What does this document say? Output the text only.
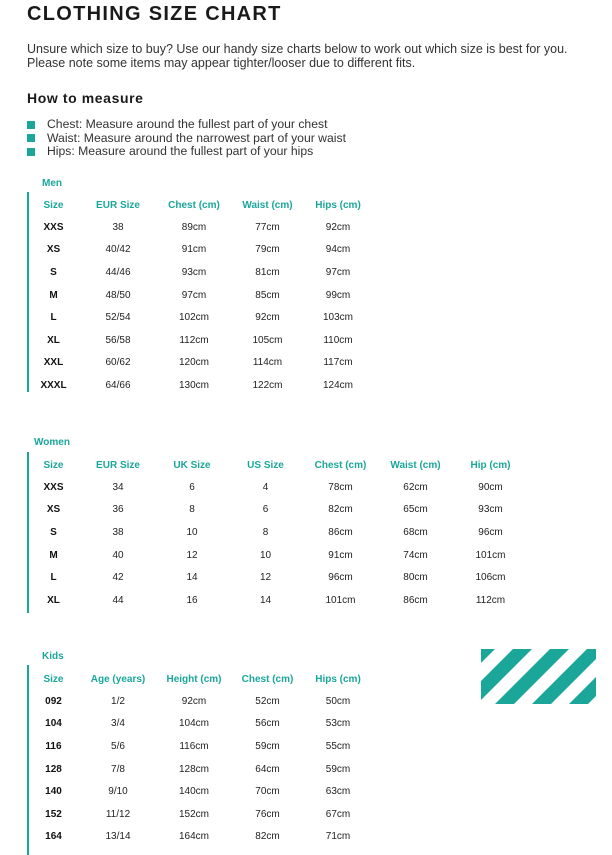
CLOTHING SIZE CHART

Unsure which size to buy? Use our handy size charts below to work out which size is best for you. Please note some items may appear tighter/looser due to different fits.

How to measure
Chest: Measure around the fullest part of your chest
Waist: Measure around the narrowest part of your waist
Hips: Measure around the fullest part of your hips
Men
Size	EUR Size	Chest (cm)	Waist (cm)	Hips (cm)
XXS	38	89cm	77cm	92cm
XS	40/42	91cm	79cm	94cm
S	44/46	93cm	81cm	97cm
M	48/50	97cm	85cm	99cm
L	52/54	102cm	92cm	103cm
XL	56/58	112cm	105cm	110cm
XXL	60/62	120cm	114cm	117cm
XXXL	64/66	130cm	122cm	124cm
Women
Size	EUR Size	UK Size	US Size	Chest (cm)	Waist (cm)	Hip (cm)
XXS	34	6	4	78cm	62cm	90cm
XS	36	8	6	82cm	65cm	93cm
S	38	10	8	86cm	68cm	96cm
M	40	12	10	91cm	74cm	101cm
L	42	14	12	96cm	80cm	106cm
XL	44	16	14	101cm	86cm	112cm
Kids
Size	Age (years)	Height (cm)	Chest (cm)	Hips (cm)
092	1/2	92cm	52cm	50cm
104	3/4	104cm	56cm	53cm
116	5/6	116cm	59cm	55cm
128	7/8	128cm	64cm	59cm
140	9/10	140cm	70cm	63cm
152	11/12	152cm	76cm	67cm
164	13/14	164cm	82cm	71cm
